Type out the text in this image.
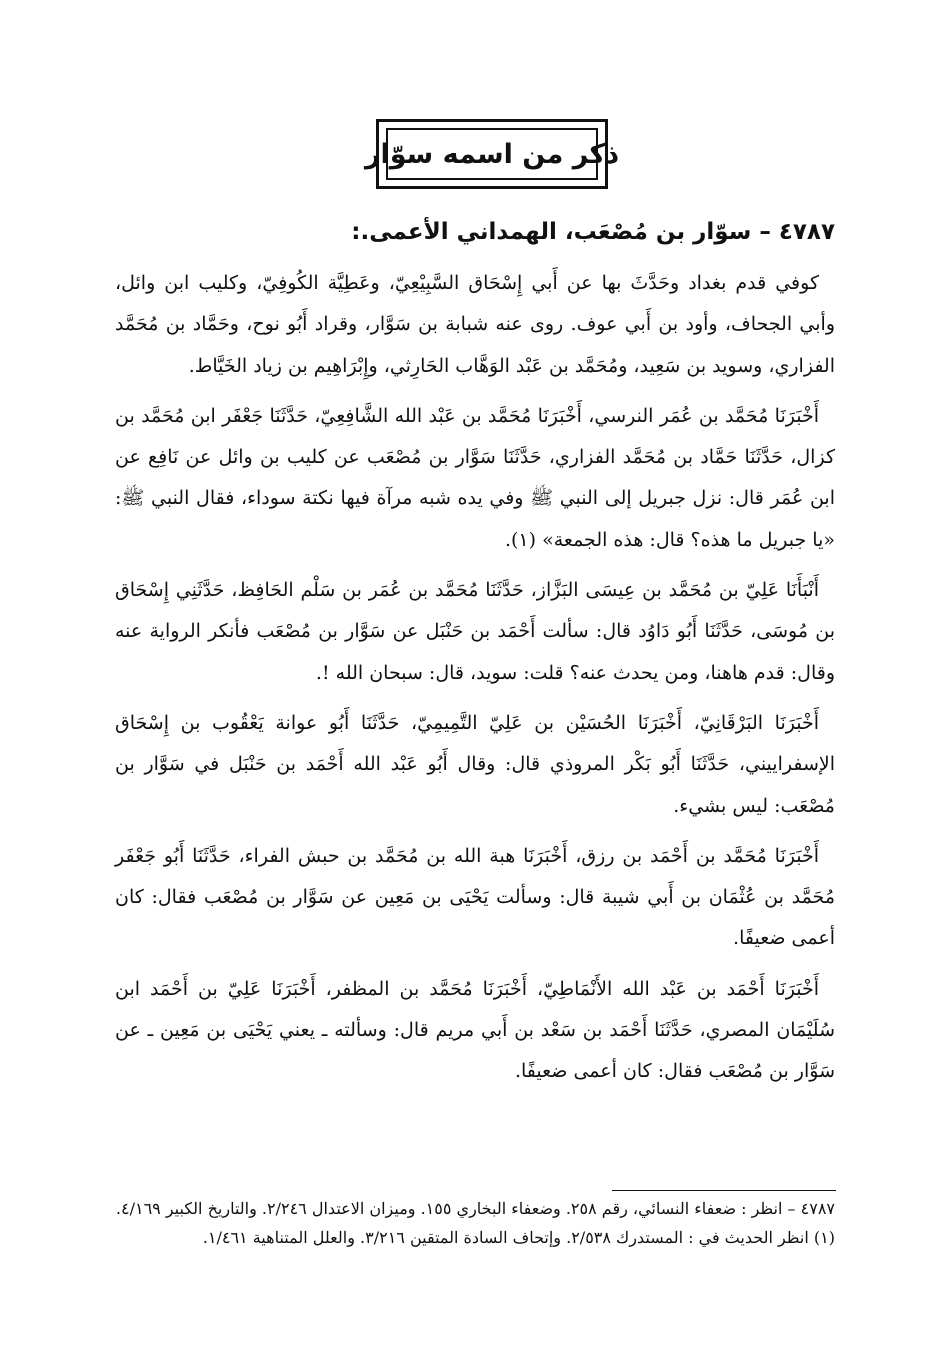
ذكر من اسمه سوّار
٤٧٨٧ – سوّار بن مُصْعَب، الهمداني الأعمى.:

كوفي قدم بغداد وحَدَّثَ بها عن أَبي إِسْحَاق السَّبِيْعِيّ، وعَطِيَّة الكُوفِيّ، وكليب ابن وائل، وأبي الجحاف، وأود بن أَبي عوف. روى عنه شبابة بن سَوَّار، وقراد أَبُو نوح، وحَمَّاد بن مُحَمَّد الفزاري، وسويد بن سَعِيد، ومُحَمَّد بن عَبْد الوَهَّاب الحَارِثي، وإِبْرَاهِيم بن زياد الخَيَّاط.

أَخْبَرَنَا مُحَمَّد بن عُمَر النرسي، أَخْبَرَنَا مُحَمَّد بن عَبْد الله الشَّافِعِيّ، حَدَّثَنَا جَعْفَر ابن مُحَمَّد بن كزال، حَدَّثَنَا حَمَّاد بن مُحَمَّد الفزاري، حَدَّثَنَا سَوَّار بن مُصْعَب عن كليب بن وائل عن نَافِع عن ابن عُمَر قال: نزل جبريل إلى النبي ﷺ وفي يده شبه مرآة فيها نكتة سوداء، فقال النبي ﷺ: «يا جبريل ما هذه؟ قال: هذه الجمعة» (١).

أَنْبَأَنَا عَلِيّ بن مُحَمَّد بن عِيسَى البَزَّاز، حَدَّثَنَا مُحَمَّد بن عُمَر بن سَلْم الحَافِظ، حَدَّثَنِي إِسْحَاق بن مُوسَى، حَدَّثَنَا أَبُو دَاوُد قال: سألت أَحْمَد بن حَنْبَل عن سَوَّار بن مُصْعَب فأنكر الرواية عنه وقال: قدم هاهنا، ومن يحدث عنه؟ قلت: سويد، قال: سبحان الله !.

أَخْبَرَنَا البَرْقَانِيّ، أَخْبَرَنَا الحُسَيْن بن عَلِيّ التَّمِيمِيّ، حَدَّثَنَا أَبُو عوانة يَعْقُوب بن إِسْحَاق الإسفراييني، حَدَّثَنَا أَبُو بَكْر المروذي قال: وقال أَبُو عَبْد الله أَحْمَد بن حَنْبَل في سَوَّار بن مُصْعَب: ليس بشيء.

أَخْبَرَنَا مُحَمَّد بن أَحْمَد بن رزق، أَخْبَرَنَا هبة الله بن مُحَمَّد بن حبش الفراء، حَدَّثَنَا أَبُو جَعْفَر مُحَمَّد بن عُثْمَان بن أَبي شيبة قال: وسألت يَحْيَى بن مَعِين عن سَوَّار بن مُصْعَب فقال: كان أعمى ضعيفًا.

أَخْبَرَنَا أَحْمَد بن عَبْد الله الأَنْمَاطِيّ، أَخْبَرَنَا مُحَمَّد بن المظفر، أَخْبَرَنَا عَلِيّ بن أَحْمَد ابن سُلَيْمَان المصري، حَدَّثَنَا أَحْمَد بن سَعْد بن أَبي مريم قال: وسألته ـ يعني يَحْيَى بن مَعِين ـ عن سَوَّار بن مُصْعَب فقال: كان أعمى ضعيفًا.

٤٧٨٧ – انظر : ضعفاء النسائي، رقم ٢٥٨. وضعفاء البخاري ١٥٥. وميزان الاعتدال ٢/٢٤٦. والتاريخ الكبير ٤/١٦٩.

(١) انظر الحديث في : المستدرك ٢/٥٣٨. وإتحاف السادة المتقين ٣/٢١٦. والعلل المتناهية ١/٤٦١.
